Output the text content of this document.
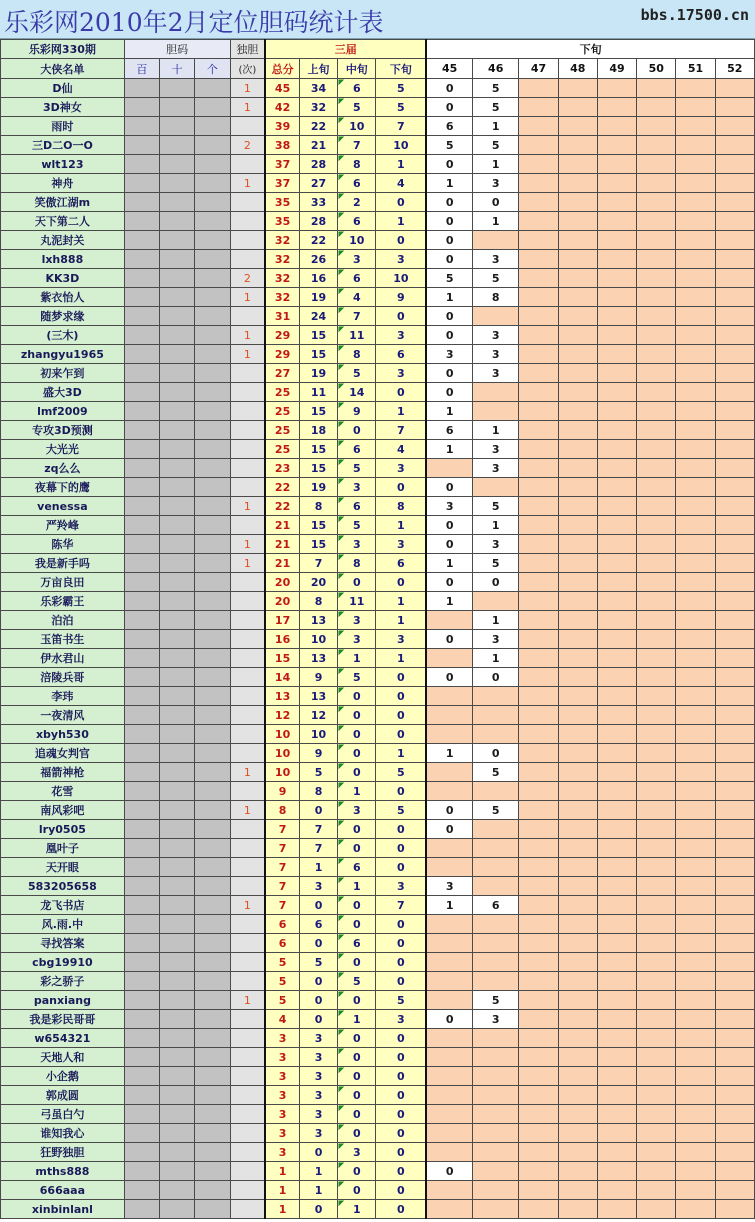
乐彩网2010年2月定位胆码统计表	bbs.17500.cn
乐彩网330期	胆码			独胆	三届				下旬							
大侠名单	百	十	个	(次)	总分	上旬	中旬	下旬	45	46	47	48	49	50	51	52
D仙				1	45	34	6	5	0	5						
3D神女				1	42	32	5	5	0	5						
雨时					39	22	10	7	6	1						
三D二O一O				2	38	21	7	10	5	5						
wlt123					37	28	8	1	0	1						
神舟				1	37	27	6	4	1	3						
笑傲江湖m					35	33	2	0	0	0						
天下第二人					35	28	6	1	0	1						
丸泥封关					32	22	10	0	0							
lxh888					32	26	3	3	0	3						
KK3D				2	32	16	6	10	5	5						
紫衣怡人				1	32	19	4	9	1	8						
随梦求缘					31	24	7	0	0							
(三木)				1	29	15	11	3	0	3						
zhangyu1965				1	29	15	8	6	3	3						
初来乍到					27	19	5	3	0	3						
盛大3D					25	11	14	0	0							
lmf2009					25	15	9	1	1							
专攻3D预测					25	18	0	7	6	1						
大光光					25	15	6	4	1	3						
zq么么					23	15	5	3		3						
夜幕下的鹰					22	19	3	0	0							
venessa				1	22	8	6	8	3	5						
严羚峰					21	15	5	1	0	1						
陈华				1	21	15	3	3	0	3						
我是新手吗				1	21	7	8	6	1	5						
万亩良田					20	20	0	0	0	0						
乐彩霸王					20	8	11	1	1							
泊泊					17	13	3	1		1						
玉笛书生					16	10	3	3	0	3						
伊水君山					15	13	1	1		1						
涪陵兵哥					14	9	5	0	0	0						
李玮					13	13	0	0								
一夜清风					12	12	0	0								
xbyh530					10	10	0	0								
追魂女判官					10	9	0	1	1	0						
福箭神枪				1	10	5	0	5		5						
花雪					9	8	1	0								
南风彩吧				1	8	0	3	5	0	5						
lry0505					7	7	0	0	0							
凰叶子					7	7	0	0								
天开眼					7	1	6	0								
583205658					7	3	1	3	3							
龙飞书店				1	7	0	0	7	1	6						
风.雨.中					6	6	0	0								
寻找答案					6	0	6	0								
cbg19910					5	5	0	0								
彩之骄子					5	0	5	0								
panxiang				1	5	0	0	5		5						
我是彩民哥哥					4	0	1	3	0	3						
w654321					3	3	0	0								
天地人和					3	3	0	0								
小企鹅					3	3	0	0								
郭成圆					3	3	0	0								
弓虽白勺					3	3	0	0								
谁知我心					3	3	0	0								
狂野独胆					3	0	3	0								
mths888					1	1	0	0	0							
666aaa					1	1	0	0								
xinbinlanl					1	0	1	0								
